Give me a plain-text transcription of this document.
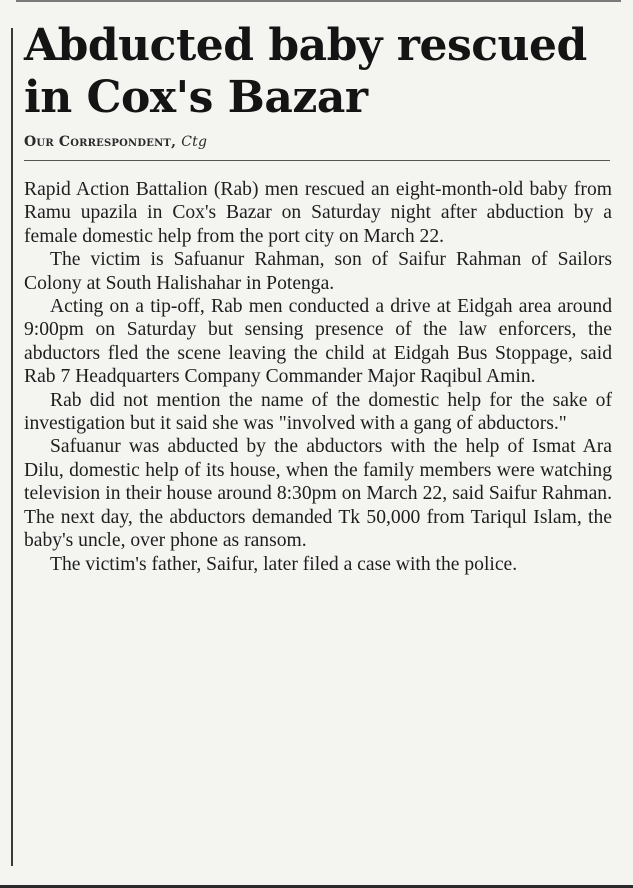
Abducted baby rescued in Cox's Bazar
Our Correspondent, Ctg

Rapid Action Battalion (Rab) men rescued an eight-month-old baby from Ramu upazila in Cox's Bazar on Saturday night after abduction by a female domestic help from the port city on March 22.

The victim is Safuanur Rahman, son of Saifur Rahman of Sailors Colony at South Halishahar in Potenga.

Acting on a tip-off, Rab men conducted a drive at Eidgah area around 9:00pm on Saturday but sensing presence of the law enforcers, the abductors fled the scene leaving the child at Eidgah Bus Stoppage, said Rab 7 Headquarters Company Commander Major Raqibul Amin.

Rab did not mention the name of the domestic help for the sake of investigation but it said she was "involved with a gang of abductors."

Safuanur was abducted by the abductors with the help of Ismat Ara Dilu, domestic help of its house, when the family members were watching television in their house around 8:30pm on March 22, said Saifur Rahman. The next day, the abductors demanded Tk 50,000 from Tariqul Islam, the baby's uncle, over phone as ransom.

The victim's father, Saifur, later filed a case with the police.
